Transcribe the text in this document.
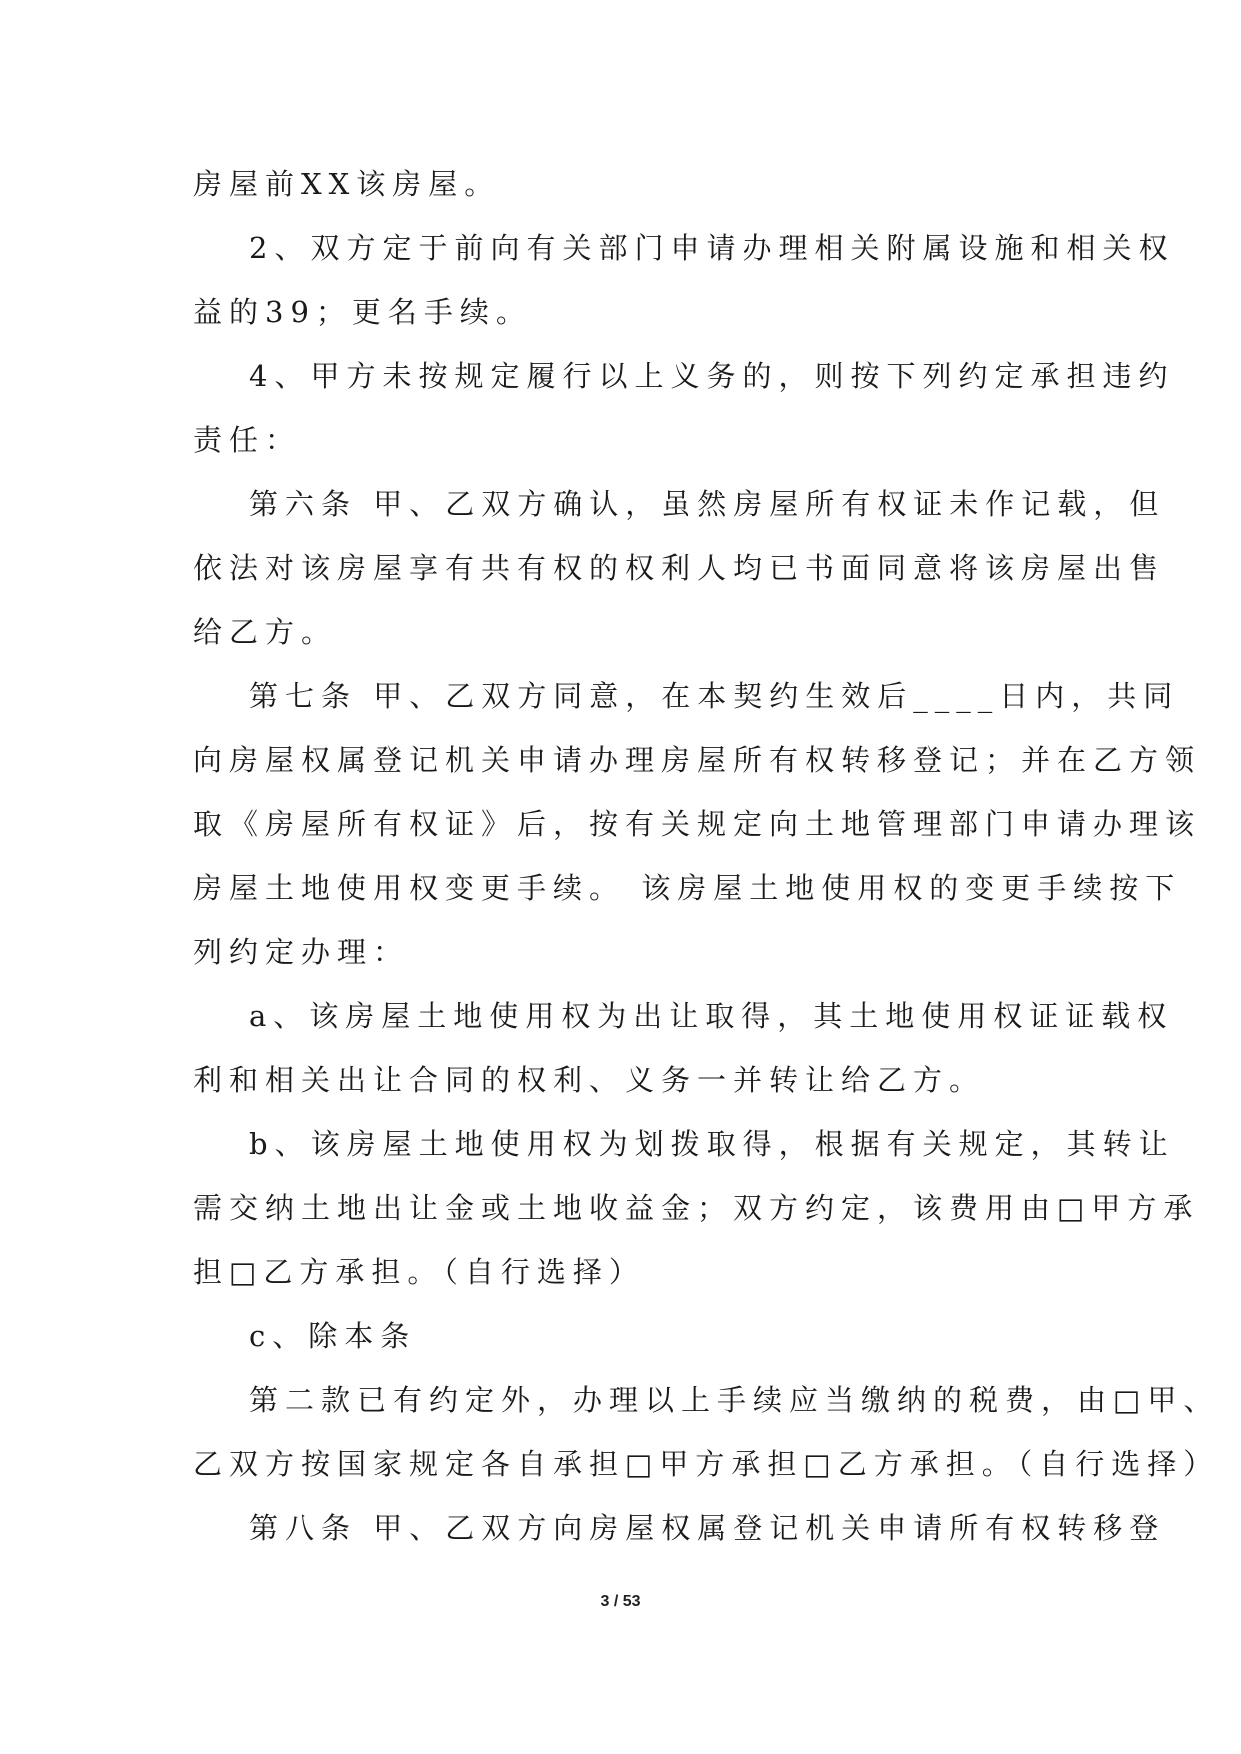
房屋前XX该房屋。
2、双方定于前向有关部门申请办理相关附属设施和相关权
益的39；更名手续。
4、甲方未按规定履行以上义务的，则按下列约定承担违约
责任：
第六条 甲、乙双方确认，虽然房屋所有权证未作记载，但
依法对该房屋享有共有权的权利人均已书面同意将该房屋出售
给乙方。
第七条 甲、乙双方同意，在本契约生效后____日内，共同
向房屋权属登记机关申请办理房屋所有权转移登记；并在乙方领
取《房屋所有权证》后，按有关规定向土地管理部门申请办理该
房屋土地使用权变更手续。 该房屋土地使用权的变更手续按下
列约定办理：
a、该房屋土地使用权为出让取得，其土地使用权证证载权
利和相关出让合同的权利、义务一并转让给乙方。
b、该房屋土地使用权为划拨取得，根据有关规定，其转让
需交纳土地出让金或土地收益金；双方约定，该费用由□甲方承
担□乙方承担。（自行选择）
c、除本条
第二款已有约定外，办理以上手续应当缴纳的税费，由□甲、
乙双方按国家规定各自承担□甲方承担□乙方承担。（自行选择）
第八条 甲、乙双方向房屋权属登记机关申请所有权转移登
3 / 53
